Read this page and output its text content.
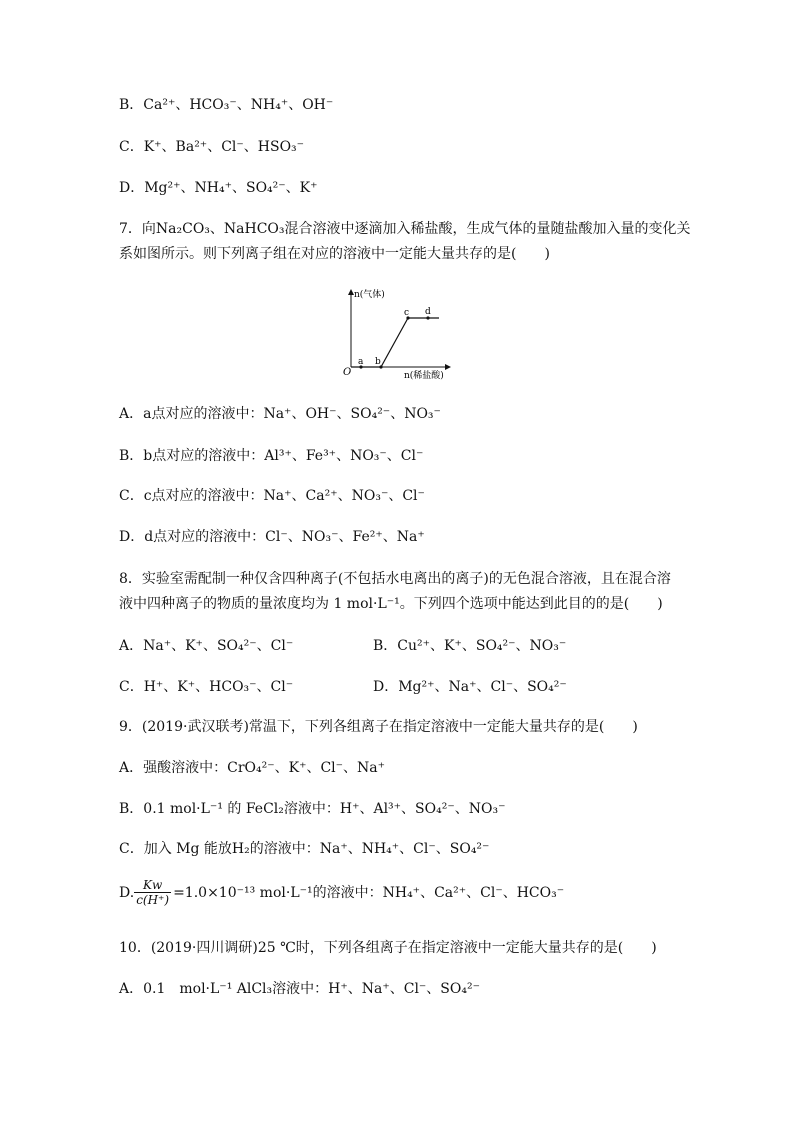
B．Ca²⁺、HCO₃⁻、NH₄⁺、OH⁻
C．K⁺、Ba²⁺、Cl⁻、HSO₃⁻
D．Mg²⁺、NH₄⁺、SO₄²⁻、K⁺
7．向Na₂CO₃、NaHCO₃混合溶液中逐滴加入稀盐酸，生成气体的量随盐酸加入量的变化关
系如图所示。则下列离子组在对应的溶液中一定能大量共存的是(　　)
n(气体)
n(稀盐酸)
O
a b
c d
A．a点对应的溶液中：Na⁺、OH⁻、SO₄²⁻、NO₃⁻
B．b点对应的溶液中：Al³⁺、Fe³⁺、NO₃⁻、Cl⁻
C．c点对应的溶液中：Na⁺、Ca²⁺、NO₃⁻、Cl⁻
D．d点对应的溶液中：Cl⁻、NO₃⁻、Fe²⁺、Na⁺
8．实验室需配制一种仅含四种离子(不包括水电离出的离子)的无色混合溶液，且在混合溶
液中四种离子的物质的量浓度均为 1 mol·L⁻¹。下列四个选项中能达到此目的的是(　　)
A．Na⁺、K⁺、SO₄²⁻、Cl⁻	B．Cu²⁺、K⁺、SO₄²⁻、NO₃⁻
C．H⁺、K⁺、HCO₃⁻、Cl⁻	D．Mg²⁺、Na⁺、Cl⁻、SO₄²⁻
9．(2019·武汉联考)常温下，下列各组离子在指定溶液中一定能大量共存的是(　　)
A．强酸溶液中：CrO₄²⁻、K⁺、Cl⁻、Na⁺
B．0.1 mol·L⁻¹ 的 FeCl₂溶液中：H⁺、Al³⁺、SO₄²⁻、NO₃⁻
C．加入 Mg 能放H₂的溶液中：Na⁺、NH₄⁺、Cl⁻、SO₄²⁻
D. $\frac{Kw}{c(H^+)} =1.0\times 10^{-13}$ mol·L⁻¹的溶液中：NH₄⁺、Ca²⁺、Cl⁻、HCO₃⁻
10．(2019·四川调研)25 ℃时，下列各组离子在指定溶液中一定能大量共存的是(　　)
A．0.1　mol·L⁻¹ AlCl₃溶液中：H⁺、Na⁺、Cl⁻、SO₄²⁻
